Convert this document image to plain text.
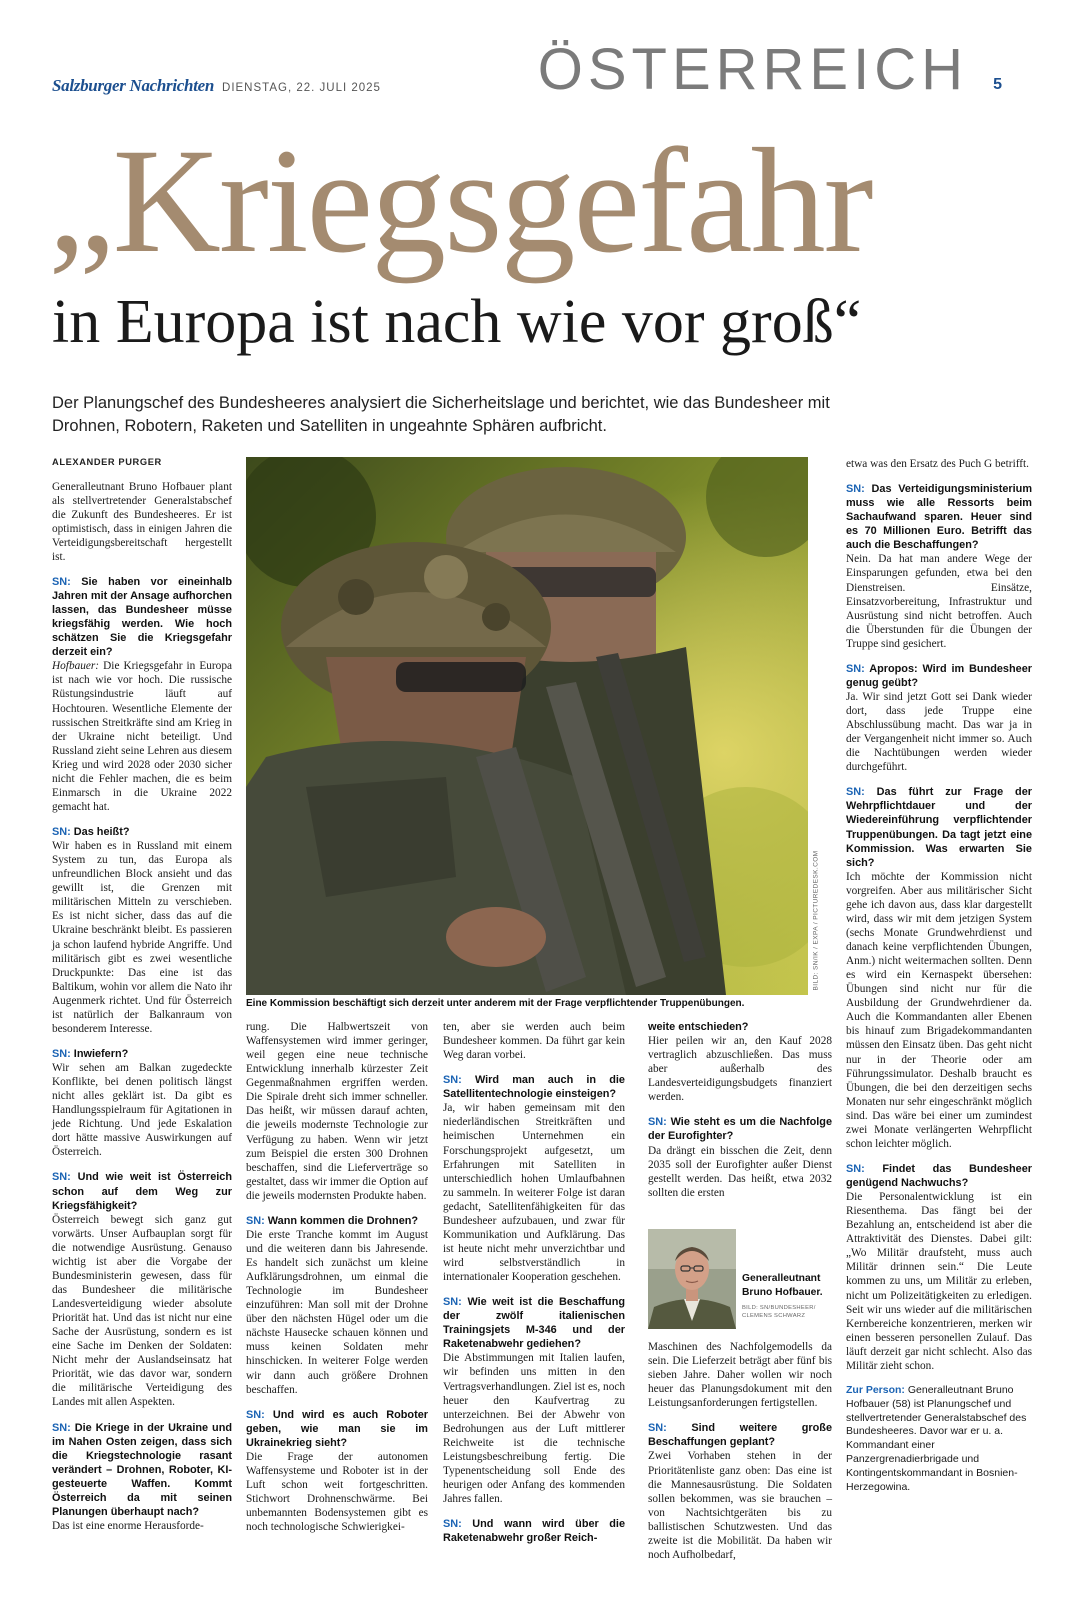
Salzburger Nachrichten DIENSTAG, 22. JULI 2025	ÖSTERREICH 5
„Kriegsgefahr
in Europa ist nach wie vor groß“
Der Planungschef des Bundesheeres analysiert die Sicherheitslage und berichtet, wie das Bundesheer mit Drohnen, Robotern, Raketen und Satelliten in ungeahnte Sphären aufbricht.
ALEXANDER PURGER

Generalleutnant Bruno Hofbauer plant als stellvertretender Generalstabschef die Zukunft des Bundesheeres. Er ist optimistisch, dass in einigen Jahren die Verteidigungsbereitschaft hergestellt ist.

SN: Sie haben vor eineinhalb Jahren mit der Ansage aufhorchen lassen, das Bundesheer müsse kriegsfähig werden. Wie hoch schätzen Sie die Kriegsgefahr derzeit ein?
Hofbauer: Die Kriegsgefahr in Europa ist nach wie vor hoch. Die russische Rüstungsindustrie läuft auf Hochtouren. Wesentliche Elemente der russischen Streitkräfte sind am Krieg in der Ukraine nicht beteiligt. Und Russland zieht seine Lehren aus diesem Krieg und wird 2028 oder 2030 sicher nicht die Fehler machen, die es beim Einmarsch in die Ukraine 2022 gemacht hat.

SN: Das heißt?
Wir haben es in Russland mit einem System zu tun, das Europa als unfreundlichen Block ansieht und das gewillt ist, die Grenzen mit militärischen Mitteln zu verschieben. Es ist nicht sicher, dass das auf die Ukraine beschränkt bleibt. Es passieren ja schon laufend hybride Angriffe. Und militärisch gibt es zwei wesentliche Druckpunkte: Das eine ist das Baltikum, wohin vor allem die Nato ihr Augenmerk richtet. Und für Österreich ist natürlich der Balkanraum von besonderem Interesse.

SN: Inwiefern?
Wir sehen am Balkan zugedeckte Konflikte, bei denen politisch längst nicht alles geklärt ist. Da gibt es Handlungsspielraum für Agitationen in jede Richtung. Und jede Eskalation dort hätte massive Auswirkungen auf Österreich.

SN: Und wie weit ist Österreich schon auf dem Weg zur Kriegsfähigkeit?
Österreich bewegt sich ganz gut vorwärts. Unser Aufbauplan sorgt für die notwendige Ausrüstung. Genauso wichtig ist aber die Vorgabe der Bundesministerin gewesen, dass für das Bundesheer die militärische Landesverteidigung wieder absolute Priorität hat. Und das ist nicht nur eine Sache der Ausrüstung, sondern es ist eine Sache im Denken der Soldaten: Nicht mehr der Auslandseinsatz hat Priorität, wie das davor war, sondern die militärische Verteidigung des Landes mit allen Aspekten.

SN: Die Kriege in der Ukraine und im Nahen Osten zeigen, dass sich die Kriegstechnologie rasant verändert – Drohnen, Roboter, KI-gesteuerte Waffen. Kommt Österreich da mit seinen Planungen überhaupt nach?
Das ist eine enorme Herausforde-

BILD: SN/IK / EXPA / PICTUREDESK.COM
Eine Kommission beschäftigt sich derzeit unter anderem mit der Frage verpflichtender Truppenübungen.

rung. Die Halbwertszeit von Waffensystemen wird immer geringer, weil gegen eine neue technische Entwicklung innerhalb kürzester Zeit Gegenmaßnahmen ergriffen werden. Die Spirale dreht sich immer schneller. Das heißt, wir müssen darauf achten, die jeweils modernste Technologie zur Verfügung zu haben. Wenn wir jetzt zum Beispiel die ersten 300 Drohnen beschaffen, sind die Lieferverträge so gestaltet, dass wir immer die Option auf die jeweils modernsten Produkte haben.

SN: Wann kommen die Drohnen?
Die erste Tranche kommt im August und die weiteren dann bis Jahresende. Es handelt sich zunächst um kleine Aufklärungsdrohnen, um einmal die Technologie im Bundesheer einzuführen: Man soll mit der Drohne über den nächsten Hügel oder um die nächste Hausecke schauen können und muss keinen Soldaten mehr hinschicken. In weiterer Folge werden wir dann auch größere Drohnen beschaffen.

SN: Und wird es auch Roboter geben, wie man sie im Ukrainekrieg sieht?
Die Frage der autonomen Waffensysteme und Roboter ist in der Luft schon weit fortgeschritten. Stichwort Drohnenschwärme. Bei unbemannten Bodensystemen gibt es noch technologische Schwierigkei-

ten, aber sie werden auch beim Bundesheer kommen. Da führt gar kein Weg daran vorbei.

SN: Wird man auch in die Satellitentechnologie einsteigen?
Ja, wir haben gemeinsam mit den niederländischen Streitkräften und heimischen Unternehmen ein Forschungsprojekt aufgesetzt, um Erfahrungen mit Satelliten in unterschiedlich hohen Umlaufbahnen zu sammeln. In weiterer Folge ist daran gedacht, Satellitenfähigkeiten für das Bundesheer aufzubauen, und zwar für Kommunikation und Aufklärung. Das ist heute nicht mehr unverzichtbar und wird selbstverständlich in internationaler Kooperation geschehen.

SN: Wie weit ist die Beschaffung der zwölf italienischen Trainingsjets M-346 und der Raketenabwehr gediehen?
Die Abstimmungen mit Italien laufen, wir befinden uns mitten in den Vertragsverhandlungen. Ziel ist es, noch heuer den Kaufvertrag zu unterzeichnen. Bei der Abwehr von Bedrohungen aus der Luft mittlerer Reichweite ist die technische Leistungsbeschreibung fertig. Die Typenentscheidung soll Ende des heurigen oder Anfang des kommenden Jahres fallen.

SN: Und wann wird über die Raketenabwehr großer Reich-

weite entschieden?
Hier peilen wir an, den Kauf 2028 vertraglich abzuschließen. Das muss aber außerhalb des Landesverteidigungsbudgets finanziert werden.

SN: Wie steht es um die Nachfolge der Eurofighter?
Da drängt ein bisschen die Zeit, denn 2035 soll der Eurofighter außer Dienst gestellt werden. Das heißt, etwa 2032 sollten die ersten

Generalleutnant Bruno Hofbauer.
BILD: SN/BUNDESHEER/ CLEMENS SCHWARZ

Maschinen des Nachfolgemodells da sein. Die Lieferzeit beträgt aber fünf bis sieben Jahre. Daher wollen wir noch heuer das Planungsdokument mit den Leistungsanforderungen fertigstellen.

SN: Sind weitere große Beschaffungen geplant?
Zwei Vorhaben stehen in der Prioritätenliste ganz oben: Das eine ist die Mannesausrüstung. Die Soldaten sollen bekommen, was sie brauchen – von Nachtsichtgeräten bis zu ballistischen Schutzwesten. Und das zweite ist die Mobilität. Da haben wir noch Aufholbedarf,

etwa was den Ersatz des Puch G betrifft.

SN: Das Verteidigungsministerium muss wie alle Ressorts beim Sachaufwand sparen. Heuer sind es 70 Millionen Euro. Betrifft das auch die Beschaffungen?
Nein. Da hat man andere Wege der Einsparungen gefunden, etwa bei den Dienstreisen. Einsätze, Einsatzvorbereitung, Infrastruktur und Ausrüstung sind nicht betroffen. Auch die Überstunden für die Übungen der Truppe sind gesichert.

SN: Apropos: Wird im Bundesheer genug geübt?
Ja. Wir sind jetzt Gott sei Dank wieder dort, dass jede Truppe eine Abschlussübung macht. Das war ja in der Vergangenheit nicht immer so. Auch die Nachtübungen werden wieder durchgeführt.

SN: Das führt zur Frage der Wehrpflichtdauer und der Wiedereinführung verpflichtender Truppenübungen. Da tagt jetzt eine Kommission. Was erwarten Sie sich?
Ich möchte der Kommission nicht vorgreifen. Aber aus militärischer Sicht gehe ich davon aus, dass klar dargestellt wird, dass wir mit dem jetzigen System (sechs Monate Grundwehrdienst und danach keine verpflichtenden Übungen, Anm.) nicht weitermachen sollten. Denn es wird ein Kernaspekt übersehen: Übungen sind nicht nur für die Ausbildung der Grundwehrdiener da. Auch die Kommandanten aller Ebenen bis hinauf zum Brigadekommandanten müssen den Einsatz üben. Das geht nicht nur in der Theorie oder am Führungssimulator. Deshalb braucht es Übungen, die bei den derzeitigen sechs Monaten nur sehr eingeschränkt möglich sind. Das wäre bei einer um zumindest zwei Monate verlängerten Wehrpflicht schon leichter möglich.

SN: Findet das Bundesheer genügend Nachwuchs?
Die Personalentwicklung ist ein Riesenthema. Das fängt bei der Bezahlung an, entscheidend ist aber die Attraktivität des Dienstes. Dabei gilt: „Wo Militär draufsteht, muss auch Militär drinnen sein.“ Die Leute kommen zu uns, um Militär zu erleben, nicht um Polizeitätigkeiten zu erledigen. Seit wir uns wieder auf die militärischen Kernbereiche konzentrieren, merken wir einen besseren personellen Zulauf. Das läuft derzeit gar nicht schlecht. Also das Militär zieht schon.

Zur Person: Generalleutnant Bruno Hofbauer (58) ist Planungschef und stellvertretender Generalstabschef des Bundesheeres. Davor war er u. a. Kommandant einer Panzergrenadierbrigade und Kontingentskommandant in Bosnien-Herzegowina.
